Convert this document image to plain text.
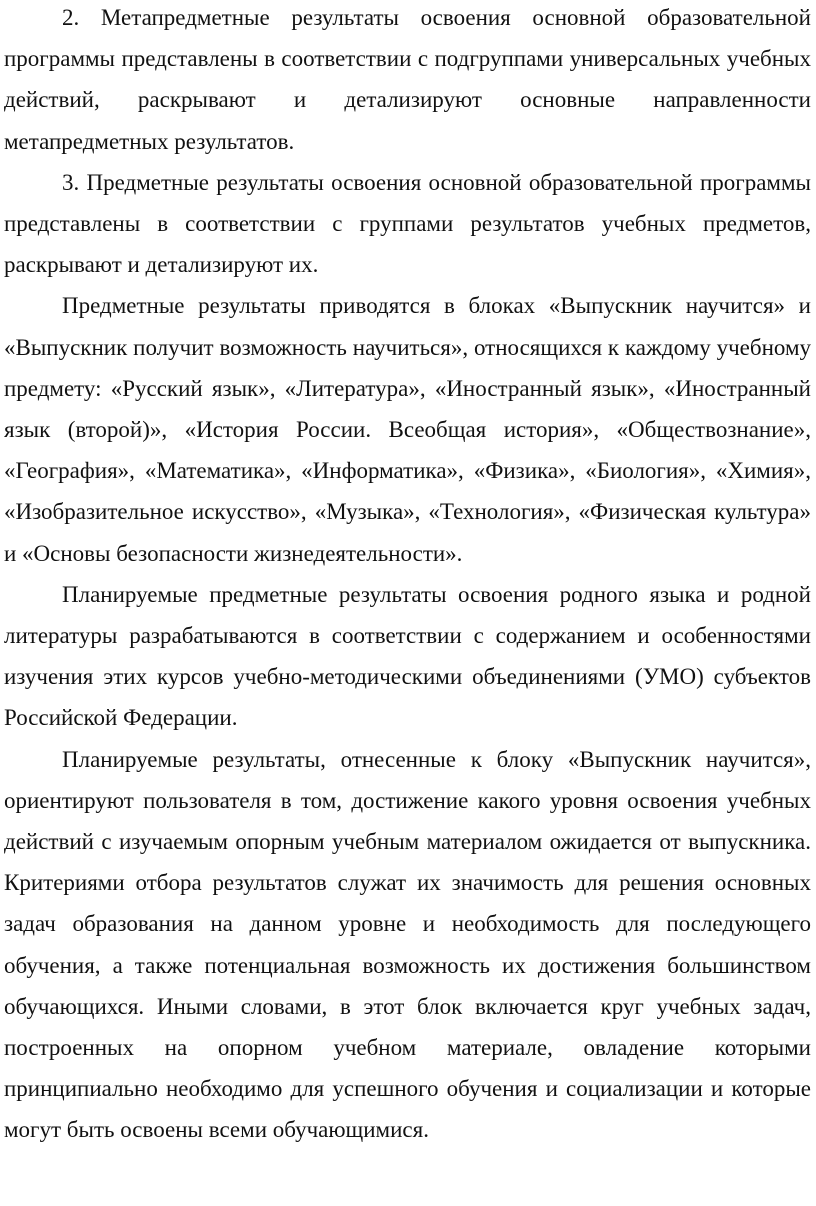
2. Метапредметные результаты освоения основной образовательной программы представлены в соответствии с подгруппами универсальных учебных действий, раскрывают и детализируют основные направленности метапредметных результатов.

3. Предметные результаты освоения основной образовательной программы представлены в соответствии с группами результатов учебных предметов, раскрывают и детализируют их.

Предметные результаты приводятся в блоках «Выпускник научится» и «Выпускник получит возможность научиться», относящихся к каждому учебному предмету: «Русский язык», «Литература», «Иностранный язык», «Иностранный язык (второй)», «История России. Всеобщая история», «Обществознание», «География», «Математика», «Информатика», «Физика», «Биология», «Химия», «Изобразительное искусство», «Музыка», «Технология», «Физическая культура» и «Основы безопасности жизнедеятельности».

Планируемые предметные результаты освоения родного языка и родной литературы разрабатываются в соответствии с содержанием и особенностями изучения этих курсов учебно-методическими объединениями (УМО) субъектов Российской Федерации.

Планируемые результаты, отнесенные к блоку «Выпускник научится», ориентируют пользователя в том, достижение какого уровня освоения учебных действий с изучаемым опорным учебным материалом ожидается от выпускника. Критериями отбора результатов служат их значимость для решения основных задач образования на данном уровне и необходимость для последующего обучения, а также потенциальная возможность их достижения большинством обучающихся. Иными словами, в этот блок включается круг учебных задач, построенных на опорном учебном материале, овладение которыми принципиально необходимо для успешного обучения и социализации и которые могут быть освоены всеми обучающимися.
